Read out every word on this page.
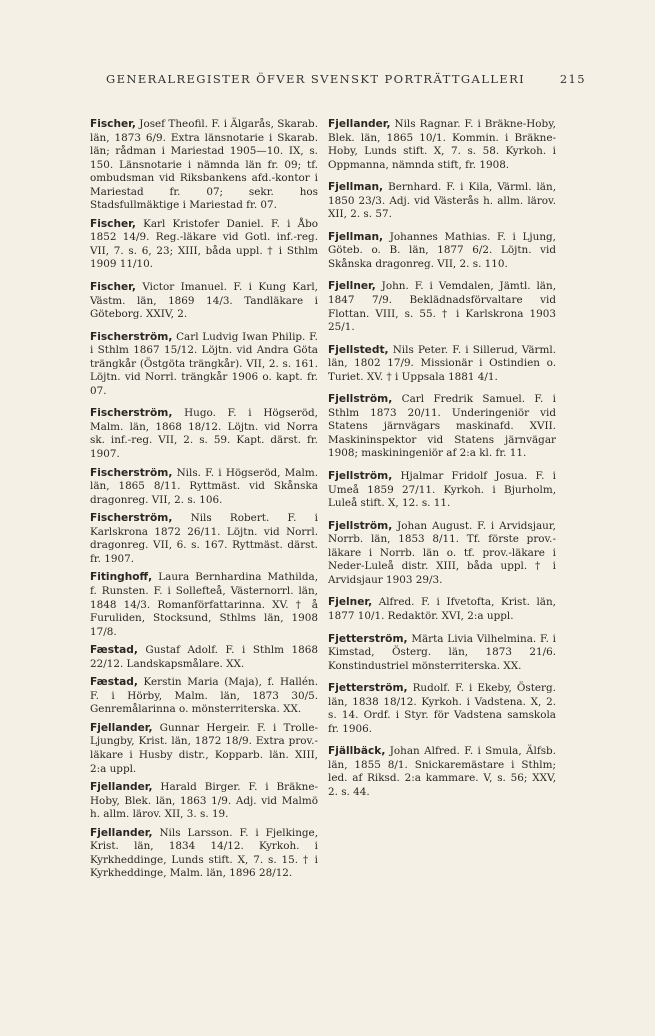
GENERALREGISTER ÖFVER SVENSKT PORTRÄTTGALLERI	215
Fischer, Josef Theofil. F. i Älgarås, Skarab. län, 1873 6/9. Extra länsnotarie i Skarab. län; rådman i Mariestad 1905—10. IX, s. 150. Länsnotarie i nämnda län fr. 09; tf. ombudsman vid Riksbankens afd.-kontor i Mariestad fr. 07; sekr. hos Stadsfullmäktige i Mariestad fr. 07.
Fischer, Karl Kristofer Daniel. F. i Åbo 1852 14/9. Reg.-läkare vid Gotl. inf.-reg. VII, 7. s. 6, 23; XIII, båda uppl. † i Sthlm 1909 11/10.
Fischer, Victor Imanuel. F. i Kung Karl, Västm. län, 1869 14/3. Tandläkare i Göteborg. XXIV, 2.
Fischerström, Carl Ludvig Iwan Philip. F. i Sthlm 1867 15/12. Löjtn. vid Andra Göta trängkår (Östgöta trängkår). VII, 2. s. 161. Löjtn. vid Norrl. trängkår 1906 o. kapt. fr. 07.
Fischerström, Hugo. F. i Högseröd, Malm. län, 1868 18/12. Löjtn. vid Norra sk. inf.-reg. VII, 2. s. 59. Kapt. därst. fr. 1907.
Fischerström, Nils. F. i Högseröd, Malm. län, 1865 8/11. Ryttmäst. vid Skånska dragonreg. VII, 2. s. 106.
Fischerström, Nils Robert. F. i Karlskrona 1872 26/11. Löjtn. vid Norrl. dragonreg. VII, 6. s. 167. Ryttmäst. därst. fr. 1907.
Fitinghoff, Laura Bernhardina Mathilda, f. Runsten. F. i Sollefteå, Västernorrl. län, 1848 14/3. Romanförfattarinna. XV. † å Furuliden, Stocksund, Sthlms län, 1908 17/8.
Fæstad, Gustaf Adolf. F. i Sthlm 1868 22/12. Landskapsmålare. XX.
Fæstad, Kerstin Maria (Maja), f. Hallén. F. i Hörby, Malm. län, 1873 30/5. Genremålarinna o. mönsterriterska. XX.
Fjellander, Gunnar Hergeir. F. i Trolle-Ljungby, Krist. län, 1872 18/9. Extra prov.-läkare i Husby distr., Kopparb. län. XIII, 2:a uppl.
Fjellander, Harald Birger. F. i Bräkne-Hoby, Blek. län, 1863 1/9. Adj. vid Malmö h. allm. lärov. XII, 3. s. 19.
Fjellander, Nils Larsson. F. i Fjelkinge, Krist. län, 1834 14/12. Kyrkoh. i Kyrkheddinge, Lunds stift. X, 7. s. 15. † i Kyrkheddinge, Malm. län, 1896 28/12.
Fjellander, Nils Ragnar. F. i Bräkne-Hoby, Blek. län, 1865 10/1. Kommin. i Bräkne-Hoby, Lunds stift. X, 7. s. 58. Kyrkoh. i Oppmanna, nämnda stift, fr. 1908.
Fjellman, Bernhard. F. i Kila, Värml. län, 1850 23/3. Adj. vid Västerås h. allm. lärov. XII, 2. s. 57.
Fjellman, Johannes Mathias. F. i Ljung, Göteb. o. B. län, 1877 6/2. Löjtn. vid Skånska dragonreg. VII, 2. s. 110.
Fjellner, John. F. i Vemdalen, Jämtl. län, 1847 7/9. Beklädnadsförvaltare vid Flottan. VIII, s. 55. † i Karlskrona 1903 25/1.
Fjellstedt, Nils Peter. F. i Sillerud, Värml. län, 1802 17/9. Missionär i Ostindien o. Turiet. XV. † i Uppsala 1881 4/1.
Fjellström, Carl Fredrik Samuel. F. i Sthlm 1873 20/11. Underingeniör vid Statens järnvägars maskinafd. XVII. Maskininspektor vid Statens järnvägar 1908; maskiningeniör af 2:a kl. fr. 11.
Fjellström, Hjalmar Fridolf Josua. F. i Umeå 1859 27/11. Kyrkoh. i Bjurholm, Luleå stift. X, 12. s. 11.
Fjellström, Johan August. F. i Arvidsjaur, Norrb. län, 1853 8/11. Tf. förste prov.-läkare i Norrb. län o. tf. prov.-läkare i Neder-Luleå distr. XIII, båda uppl. † i Arvidsjaur 1903 29/3.
Fjelner, Alfred. F. i Ifvetofta, Krist. län, 1877 10/1. Redaktör. XVI, 2:a uppl.
Fjetterström, Märta Livia Vilhelmina. F. i Kimstad, Österg. län, 1873 21/6. Konstindustriel mönsterriterska. XX.
Fjetterström, Rudolf. F. i Ekeby, Österg. län, 1838 18/12. Kyrkoh. i Vadstena. X, 2. s. 14. Ordf. i Styr. för Vadstena samskola fr. 1906.
Fjällbäck, Johan Alfred. F. i Smula, Älfsb. län, 1855 8/1. Snickaremästare i Sthlm; led. af Riksd. 2:a kammare. V, s. 56; XXV, 2. s. 44.
